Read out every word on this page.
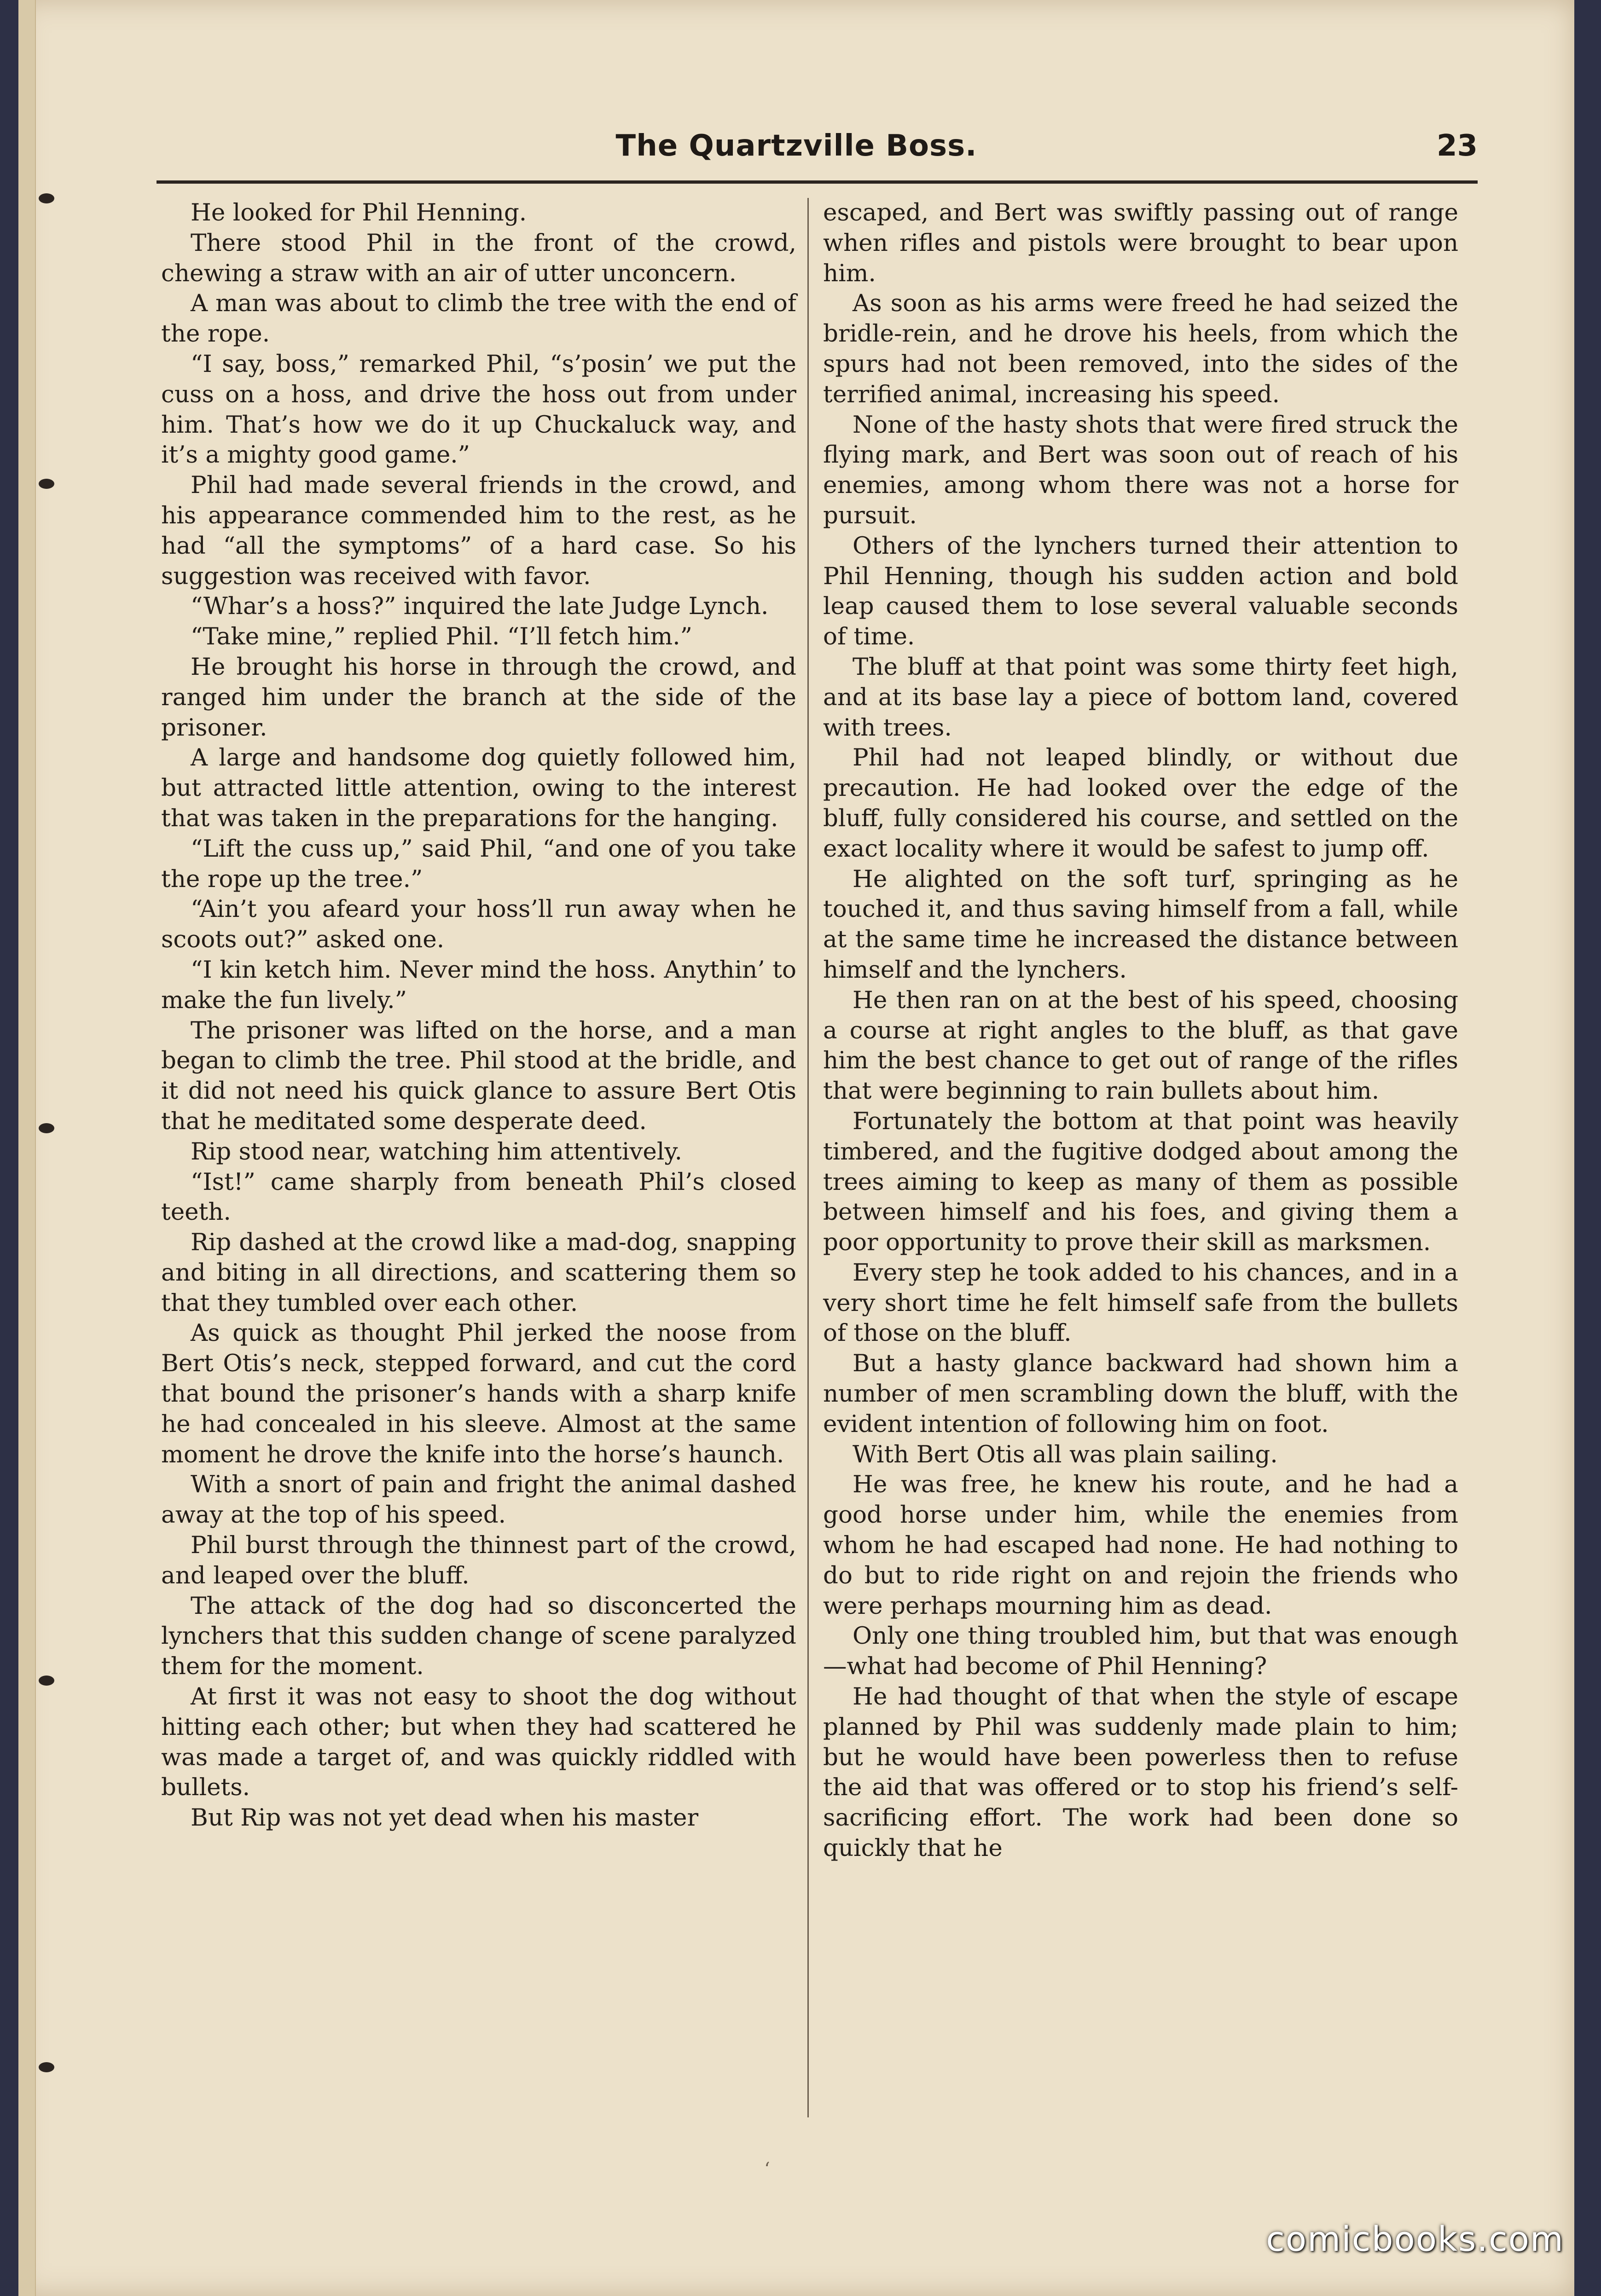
The Quartzville Boss.	23

He looked for Phil Henning.

There stood Phil in the front of the crowd, chewing a straw with an air of utter unconcern.

A man was about to climb the tree with the end of the rope.

“I say, boss,” remarked Phil, “s’posin’ we put the cuss on a hoss, and drive the hoss out from under him. That’s how we do it up Chuckaluck way, and it’s a mighty good game.”

Phil had made several friends in the crowd, and his appearance commended him to the rest, as he had “all the symptoms” of a hard case. So his suggestion was received with favor.

“Whar’s a hoss?” inquired the late Judge Lynch.

“Take mine,” replied Phil. “I’ll fetch him.”

He brought his horse in through the crowd, and ranged him under the branch at the side of the prisoner.

A large and handsome dog quietly followed him, but attracted little attention, owing to the interest that was taken in the preparations for the hanging.

“Lift the cuss up,” said Phil, “and one of you take the rope up the tree.”

“Ain’t you afeard your hoss’ll run away when he scoots out?” asked one.

“I kin ketch him. Never mind the hoss. Anythin’ to make the fun lively.”

The prisoner was lifted on the horse, and a man began to climb the tree. Phil stood at the bridle, and it did not need his quick glance to assure Bert Otis that he meditated some desperate deed.

Rip stood near, watching him attentively.

“Ist!” came sharply from beneath Phil’s closed teeth.

Rip dashed at the crowd like a mad-dog, snapping and biting in all directions, and scattering them so that they tumbled over each other.

As quick as thought Phil jerked the noose from Bert Otis’s neck, stepped forward, and cut the cord that bound the prisoner’s hands with a sharp knife he had concealed in his sleeve. Almost at the same moment he drove the knife into the horse’s haunch.

With a snort of pain and fright the animal dashed away at the top of his speed.

Phil burst through the thinnest part of the crowd, and leaped over the bluff.

The attack of the dog had so disconcerted the lynchers that this sudden change of scene paralyzed them for the moment.

At first it was not easy to shoot the dog without hitting each other; but when they had scattered he was made a target of, and was quickly riddled with bullets.

But Rip was not yet dead when his master

escaped, and Bert was swiftly passing out of range when rifles and pistols were brought to bear upon him.

As soon as his arms were freed he had seized the bridle-rein, and he drove his heels, from which the spurs had not been removed, into the sides of the terrified animal, increasing his speed.

None of the hasty shots that were fired struck the flying mark, and Bert was soon out of reach of his enemies, among whom there was not a horse for pursuit.

Others of the lynchers turned their attention to Phil Henning, though his sudden action and bold leap caused them to lose several valuable seconds of time.

The bluff at that point was some thirty feet high, and at its base lay a piece of bottom land, covered with trees.

Phil had not leaped blindly, or without due precaution. He had looked over the edge of the bluff, fully considered his course, and settled on the exact locality where it would be safest to jump off.

He alighted on the soft turf, springing as he touched it, and thus saving himself from a fall, while at the same time he increased the distance between himself and the lynchers.

He then ran on at the best of his speed, choosing a course at right angles to the bluff, as that gave him the best chance to get out of range of the rifles that were beginning to rain bullets about him.

Fortunately the bottom at that point was heavily timbered, and the fugitive dodged about among the trees aiming to keep as many of them as possible between himself and his foes, and giving them a poor opportunity to prove their skill as marksmen.

Every step he took added to his chances, and in a very short time he felt himself safe from the bullets of those on the bluff.

But a hasty glance backward had shown him a number of men scrambling down the bluff, with the evident intention of following him on foot.

With Bert Otis all was plain sailing.

He was free, he knew his route, and he had a good horse under him, while the enemies from whom he had escaped had none. He had nothing to do but to ride right on and rejoin the friends who were perhaps mourning him as dead.

Only one thing troubled him, but that was enough—what had become of Phil Henning?

He had thought of that when the style of escape planned by Phil was suddenly made plain to him; but he would have been powerless then to refuse the aid that was offered or to stop his friend’s self-sacrificing effort. The work had been done so quickly that he

ʻ
comicbooks.com
